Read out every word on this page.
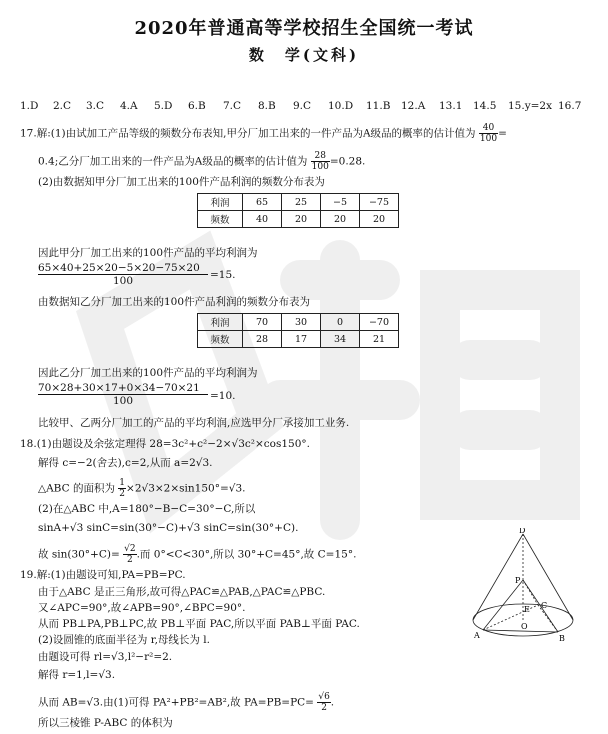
2020年普通高等学校招生全国统一考试
数　学(文科)
1.D 2.C 3.C 4.A 5.D 6.B 7.C 8.B 9.C 10.D 11.B 12.A 13.1 14.5 15.y=2x 16.7
17.解:(1)由试加工产品等级的频数分布表知,甲分厂加工出来的一件产品为A级品的概率的估计值为 $\frac{40}{100}$ =
0.4;乙分厂加工出来的一件产品为A级品的概率的估计值为 $\frac{28}{100} =0.28$.
(2)由数据知甲分厂加工出来的100件产品利润的频数分布表为
利润	65	25	−5	−75
频数	40	20	20	20
因此甲分厂加工出来的100件产品的平均利润为
65×40+25×20−5×20−75×20
100	=15.
由数据知乙分厂加工出来的100件产品利润的频数分布表为
利润	70	30	0	−70
频数	28	17	34	21
因此乙分厂加工出来的100件产品的平均利润为
70×28+30×17+0×34−70×21
100	=10.
比较甲、乙两分厂加工的产品的平均利润,应选甲分厂承接加工业务.
18.(1)由题设及余弦定理得 28=3c²+c²−2×√3c²×cos150°.
解得 c=−2(舍去),c=2,从而 a=2√3.
△ABC 的面积为 $\frac{1}{2} \times 2√3\times 2\times\sin 150^\circ=√3$.
(2)在△ABC 中,A=180°−B−C=30°−C,所以
sinA+√3 sinC=sin(30°−C)+√3 sinC=sin(30°+C).
故 $\sin(30^\circ+C)= \frac{√2}{2}$ .而 0°<C<30°,所以 30°+C=45°,故 C=15°.
19.解:(1)由题设可知,PA=PB=PC.
由于△ABC 是正三角形,故可得△PAC≌△PAB,△PAC≌△PBC.
又∠APC=90°,故∠APB=90°,∠BPC=90°.
从而 PB⊥PA,PB⊥PC,故 PB⊥平面 PAC,所以平面 PAB⊥平面 PAC.
(2)设圆锥的底面半径为 r,母线长为 l.
由题设可得 rl=√3,l²−r²=2.
解得 r=1,l=√3.
从而 AB=√3.由(1)可得 PA²+PB²=AB²,故 $PA=PB=PC= \frac{√6}{2}$ .
所以三棱锥 P-ABC 的体积为
D
P
E
O
C
A	B
